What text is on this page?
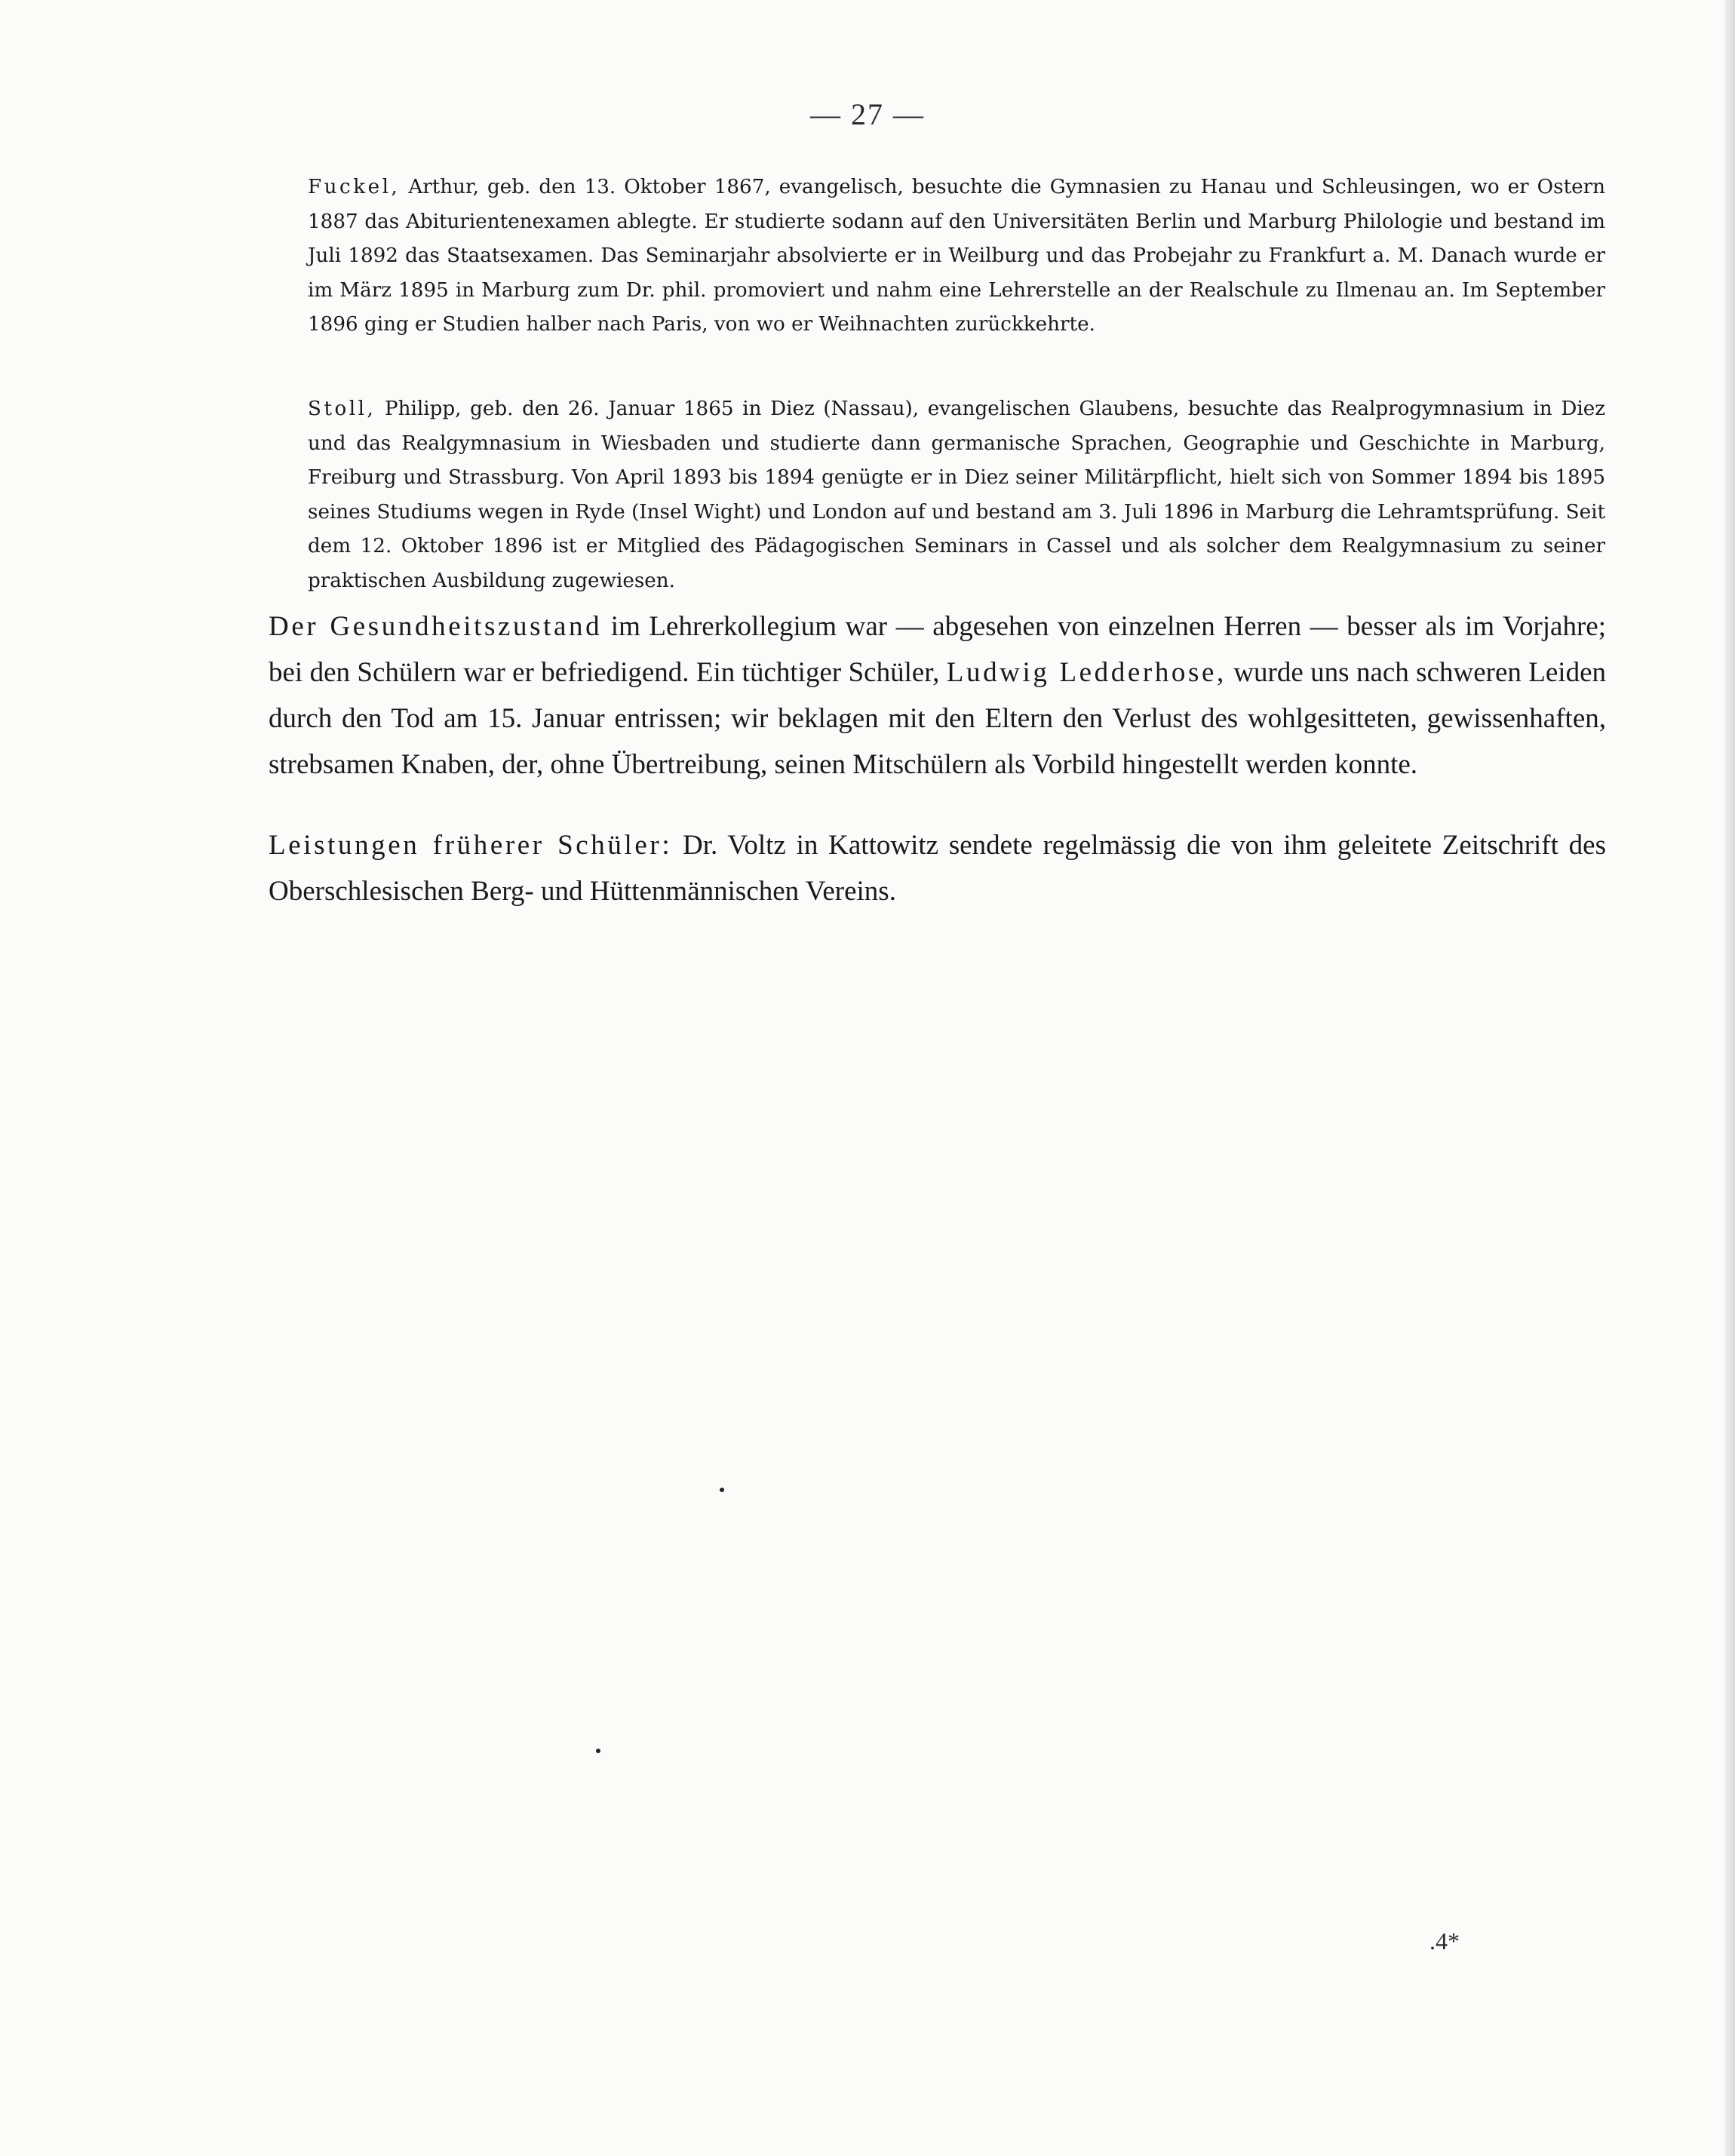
— 27 —

Fuckel, Arthur, geb. den 13. Oktober 1867, evangelisch, besuchte die Gymnasien zu Hanau und Schleusingen, wo er Ostern 1887 das Abiturientenexamen ablegte. Er studierte sodann auf den Universitäten Berlin und Marburg Philologie und bestand im Juli 1892 das Staatsexamen. Das Seminarjahr absolvierte er in Weilburg und das Probejahr zu Frankfurt a. M. Danach wurde er im März 1895 in Marburg zum Dr. phil. promoviert und nahm eine Lehrerstelle an der Realschule zu Ilmenau an. Im September 1896 ging er Studien halber nach Paris, von wo er Weihnachten zurückkehrte.

Stoll, Philipp, geb. den 26. Januar 1865 in Diez (Nassau), evangelischen Glaubens, besuchte das Realprogymnasium in Diez und das Realgymnasium in Wiesbaden und studierte dann germanische Sprachen, Geographie und Geschichte in Marburg, Freiburg und Strassburg. Von April 1893 bis 1894 genügte er in Diez seiner Militärpflicht, hielt sich von Sommer 1894 bis 1895 seines Studiums wegen in Ryde (Insel Wight) und London auf und bestand am 3. Juli 1896 in Marburg die Lehramtsprüfung. Seit dem 12. Oktober 1896 ist er Mitglied des Pädagogischen Seminars in Cassel und als solcher dem Realgymnasium zu seiner praktischen Ausbildung zugewiesen.

Der Gesundheitszustand im Lehrerkollegium war — abgesehen von einzelnen Herren — besser als im Vorjahre; bei den Schülern war er befriedigend. Ein tüchtiger Schüler, Ludwig Ledderhose, wurde uns nach schweren Leiden durch den Tod am 15. Januar entrissen; wir beklagen mit den Eltern den Verlust des wohlgesitteten, gewissenhaften, strebsamen Knaben, der, ohne Übertreibung, seinen Mitschülern als Vorbild hingestellt werden konnte.

Leistungen früherer Schüler: Dr. Voltz in Kattowitz sendete regelmässig die von ihm geleitete Zeitschrift des Oberschlesischen Berg- und Hüttenmännischen Vereins.

.4*
